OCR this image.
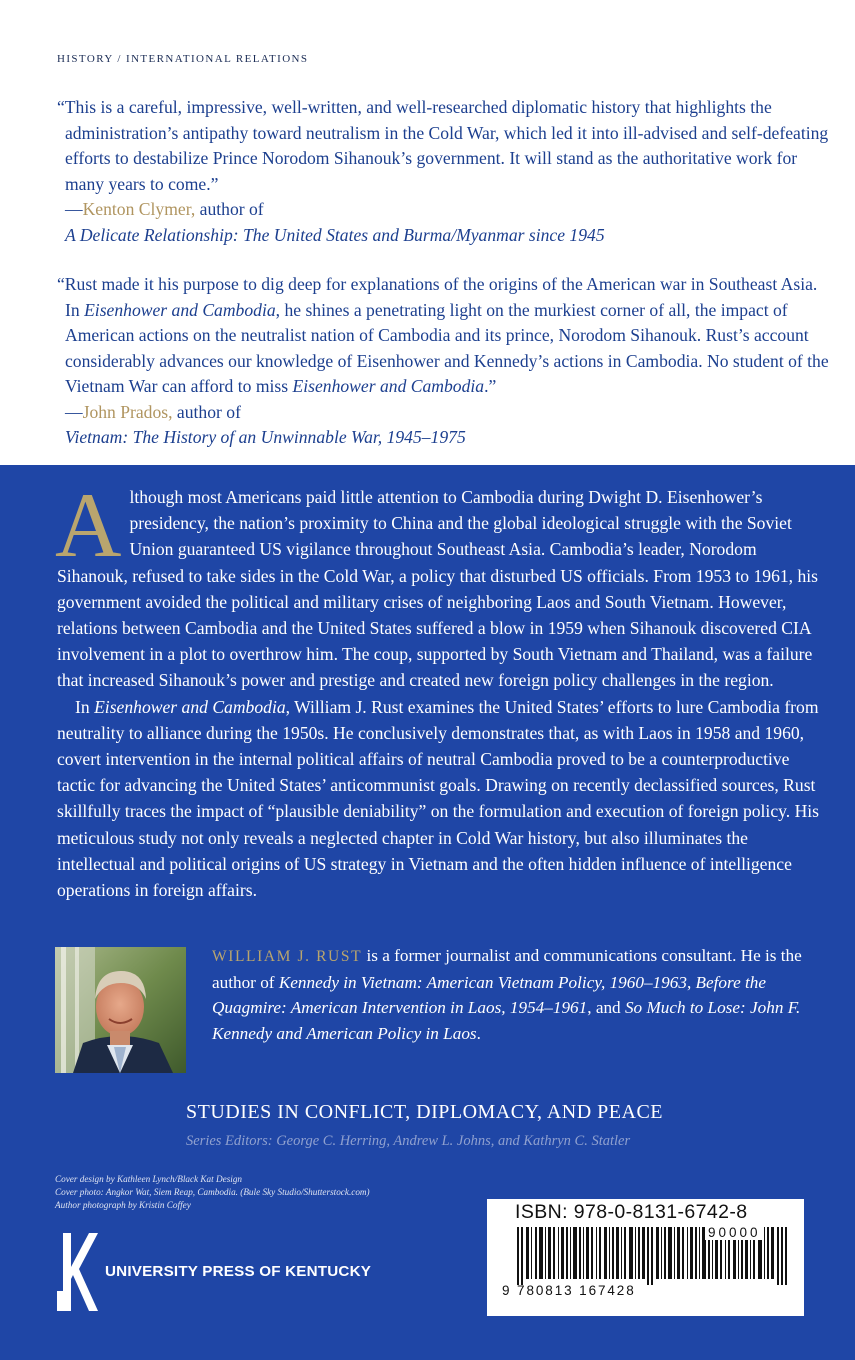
HISTORY / INTERNATIONAL RELATIONS

“This is a careful, impressive, well-written, and well-researched diplomatic history that highlights the administration’s antipathy toward neutralism in the Cold War, which led it into ill-advised and self-defeating efforts to destabilize Prince Norodom Sihanouk’s government. It will stand as the authoritative work for many years to come.”

—Kenton Clymer, author of
A Delicate Relationship: The United States and Burma/Myanmar since 1945

“Rust made it his purpose to dig deep for explanations of the origins of the American war in Southeast Asia. In Eisenhower and Cambodia, he shines a penetrating light on the murkiest corner of all, the impact of American actions on the neutralist nation of Cambodia and its prince, Norodom Sihanouk. Rust’s account considerably advances our knowledge of Eisenhower and Kennedy’s actions in Cambodia. No student of the Vietnam War can afford to miss Eisenhower and Cambodia.”

—John Prados, author of
Vietnam: The History of an Unwinnable War, 1945–1975

Although most Americans paid little attention to Cambodia during Dwight D. Eisenhower’s presidency, the nation’s proximity to China and the global ideological struggle with the Soviet Union guaranteed US vigilance throughout Southeast Asia. Cambodia’s leader, Norodom Sihanouk, refused to take sides in the Cold War, a policy that disturbed US officials. From 1953 to 1961, his government avoided the political and military crises of neighboring Laos and South Vietnam. However, relations between Cambodia and the United States suffered a blow in 1959 when Sihanouk discovered CIA involvement in a plot to overthrow him. The coup, supported by South Vietnam and Thailand, was a failure that increased Sihanouk’s power and prestige and created new foreign policy challenges in the region.

In Eisenhower and Cambodia, William J. Rust examines the United States’ efforts to lure Cambodia from neutrality to alliance during the 1950s. He conclusively demonstrates that, as with Laos in 1958 and 1960, covert intervention in the internal political affairs of neutral Cambodia proved to be a counterproductive tactic for advancing the United States’ anticommunist goals. Drawing on recently declassified sources, Rust skillfully traces the impact of “plausible deniability” on the formulation and execution of foreign policy. His meticulous study not only reveals a neglected chapter in Cold War history, but also illuminates the intellectual and political origins of US strategy in Vietnam and the often hidden influence of intelligence operations in foreign affairs.

WILLIAM J. RUST is a former journalist and communications consultant. He is the author of Kennedy in Vietnam: American Vietnam Policy, 1960–1963, Before the Quagmire: American Intervention in Laos, 1954–1961, and So Much to Lose: John F. Kennedy and American Policy in Laos.
STUDIES IN CONFLICT, DIPLOMACY, AND PEACE
Series Editors: George C. Herring, Andrew L. Johns, and Kathryn C. Statler
Cover design by Kathleen Lynch/Black Kat Design
Cover photo: Angkor Wat, Siem Reap, Cambodia. (Bule Sky Studio/Shutterstock.com)
Author photograph by Kristin Coffey
UNIVERSITY PRESS OF KENTUCKY
ISBN: 978-0-8131-6742-8
90000
9 780813 167428
